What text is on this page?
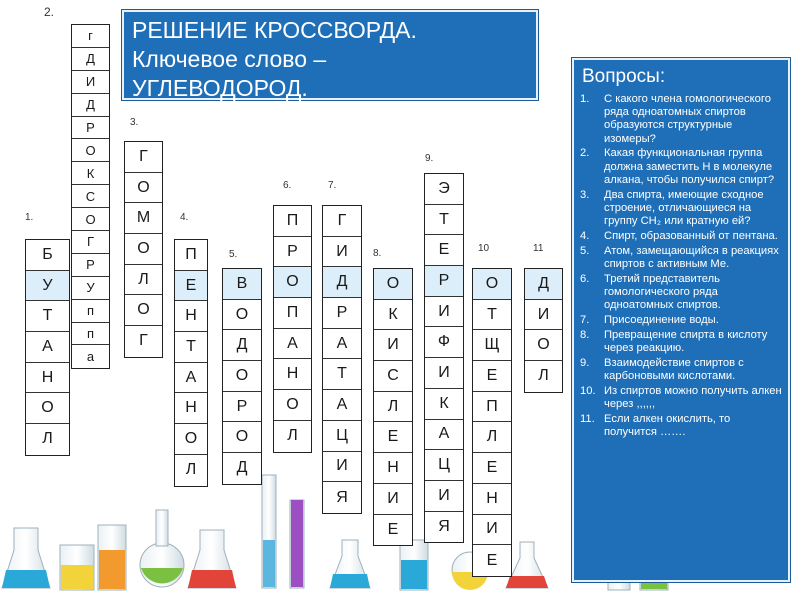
2.
РЕШЕНИЕ КРОССВОРДА.
Ключевое слово –
УГЛЕВОДОРОД.
г
Д
И
Д
Р
О
К
С
О
Г
Р
У
п
п
а
1.
Б
У
Т
А
Н
О
Л
3.
Г
О
М
О
Л
О
Г
4.
П
Е
Н
Т
А
Н
О
Л
5.
В
О
Д
О
Р
О
Д
6.
П
Р
О
П
А
Н
О
Л
7.
Г
И
Д
Р
А
Т
А
Ц
И
Я
8.
О
К
И
С
Л
Е
Н
И
Е
9.
Э
Т
Е
Р
И
Ф
И
К
А
Ц
И
Я
10
О
Т
Щ
Е
П
Л
Е
Н
И
Е
11
Д
И
О
Л
Вопросы:
1.	С какого члена гомологического ряда одноатомных спиртов образуются структурные изомеры?
2.	Какая функциональная группа должна заместить Н в молекуле алкана, чтобы получился спирт?
3.	Два спирта, имеющие сходное строение, отличающиеся на группу CH₂ или кратную ей?
4.	Спирт, образованный от пентана.
5.	Атом, замещающийся в реакциях спиртов с активным Ме.
6.	Третий представитель гомологического ряда одноатомных спиртов.
7.	Присоединение воды.
8.	Превращение спирта в кислоту через реакцию.
9.	Взаимодействие спиртов с карбоновыми кислотами.
10. Из спиртов можно получить алкен через ,,,,,,
11. Если алкен окислить, то получится …….
